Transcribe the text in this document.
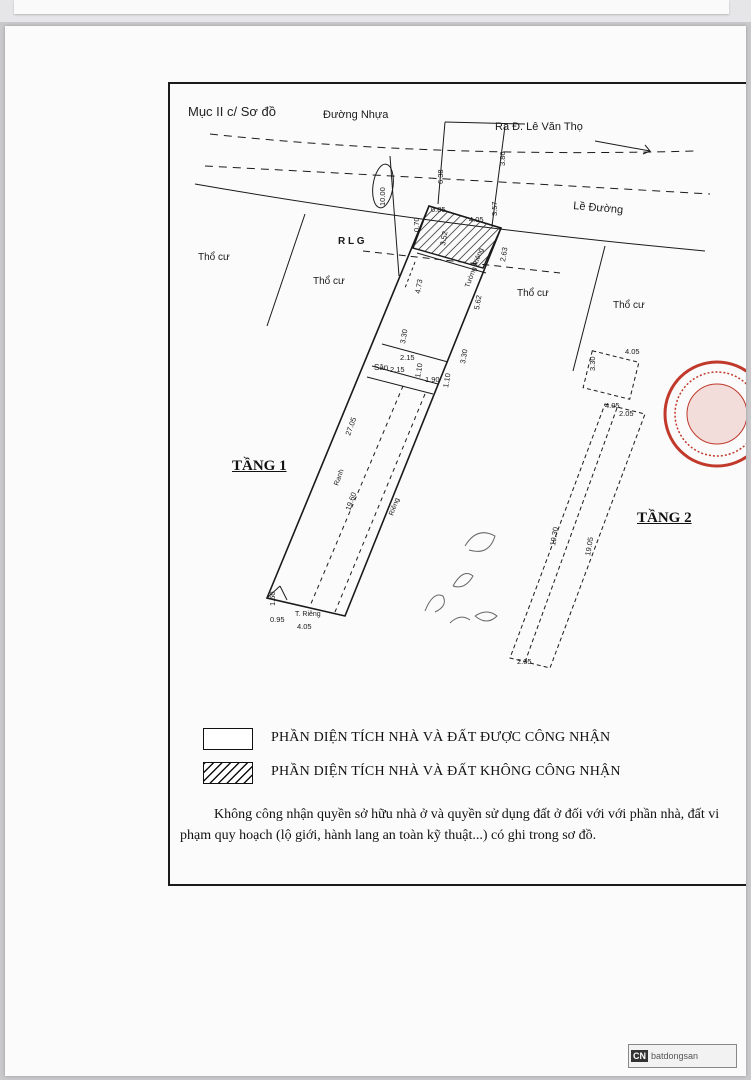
Mục II c/ Sơ đồ	Đường Nhựa
Ra Đ. Lê Văn Thọ
Lề Đường
R L G
Thổ cư
Thổ cư
Thổ cư
Thổ cư
10.00
6.38
3.86
3.57
0.85
4.05
0.70
3.52
2.63
4.73
5.62
Tường Riêng
3.30
3.30
2.15
Sân 2.15 1.10
1.90 1.10
27.05
Ranh
19.60	Riêng
1.60
0.95
T. Riêng
4.05
3.30
4.05
4.05
2.05
19.30	19.05
2.05
TẦNG 1
TẦNG 2
PHẦN DIỆN TÍCH NHÀ VÀ ĐẤT ĐƯỢC CÔNG NHẬN
PHẦN DIỆN TÍCH NHÀ VÀ ĐẤT KHÔNG CÔNG NHẬN
Không công nhận quyền sở hữu nhà ở và quyền sử dụng đất ở đối với với phần nhà, đất vi phạm quy hoạch (lộ giới, hành lang an toàn kỹ thuật...) có ghi trong sơ đồ.
CN batdongsan
